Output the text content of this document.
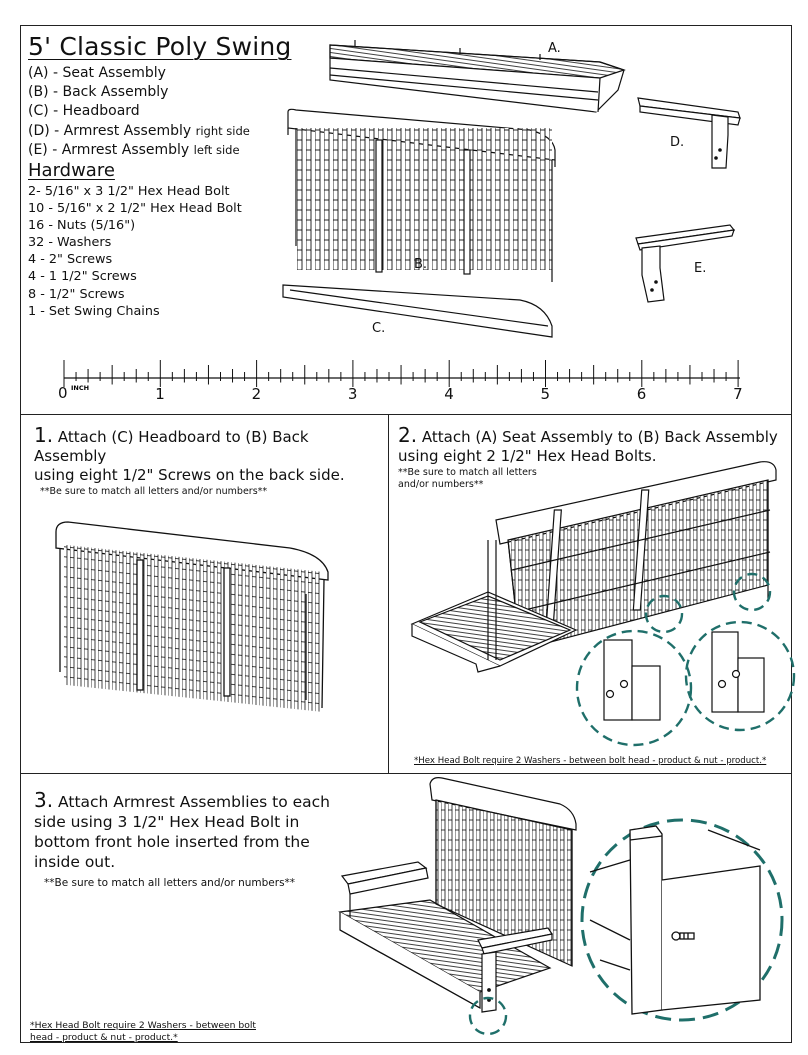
5' Classic Poly Swing
(A) - Seat Assembly
(B) - Back Assembly
(C) - Headboard
(D) - Armrest Assembly right side
(E) - Armrest Assembly left side
Hardware
2- 5/16" x 3 1/2" Hex Head Bolt
10 - 5/16" x 2 1/2" Hex Head Bolt
16 - Nuts (5/16")
32 - Washers
4 - 2" Screws
4 - 1 1/2" Screws
8 - 1/2" Screws
1 - Set Swing Chains
A.
B.
C.
D.
E.
0 INCH	1	2	3	4	5	6	7
1. Attach (C) Headboard to (B) Back Assembly
using eight 1/2" Screws on the back side.
**Be sure to match all letters and/or numbers**
2. Attach (A) Seat Assembly to (B) Back Assembly
using eight 2 1/2" Hex Head Bolts.
**Be sure to match all letters
and/or numbers**
*Hex Head Bolt require 2 Washers - between bolt head - product & nut - product.*
3. Attach Armrest Assemblies to each
side using 3 1/2" Hex Head Bolt in
bottom front hole inserted from the
inside out.
**Be sure to match all letters and/or numbers**
*Hex Head Bolt require 2 Washers - between bolt
head - product & nut - product.*
